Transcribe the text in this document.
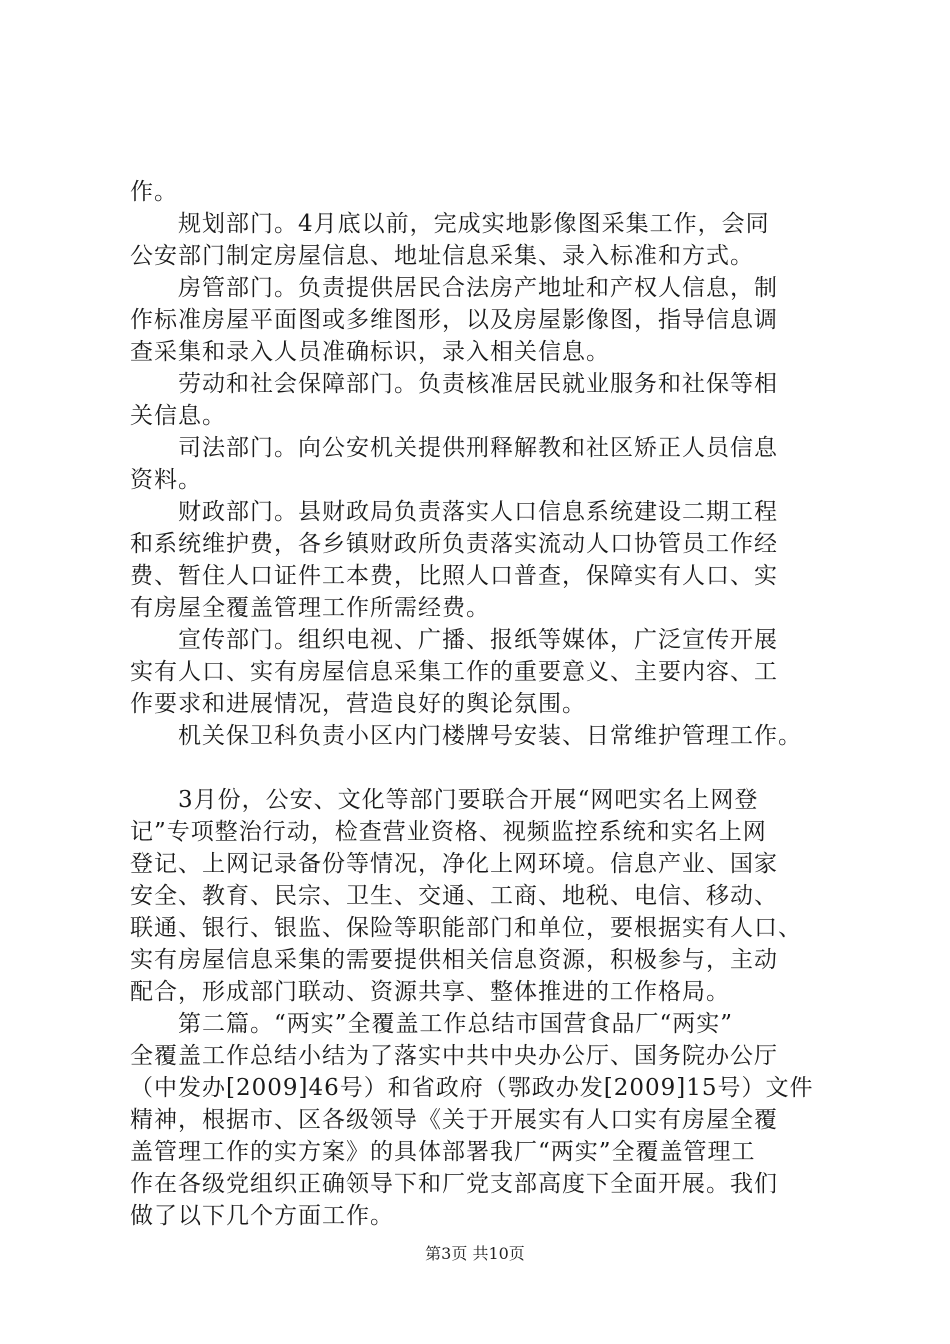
作。
规划部门。4月底以前，完成实地影像图采集工作，会同
公安部门制定房屋信息、地址信息采集、录入标准和方式。
房管部门。负责提供居民合法房产地址和产权人信息，制
作标准房屋平面图或多维图形，以及房屋影像图，指导信息调
查采集和录入人员准确标识，录入相关信息。
劳动和社会保障部门。负责核准居民就业服务和社保等相
关信息。
司法部门。向公安机关提供刑释解教和社区矫正人员信息
资料。
财政部门。县财政局负责落实人口信息系统建设二期工程
和系统维护费，各乡镇财政所负责落实流动人口协管员工作经
费、暂住人口证件工本费，比照人口普查，保障实有人口、实
有房屋全覆盖管理工作所需经费。
宣传部门。组织电视、广播、报纸等媒体，广泛宣传开展
实有人口、实有房屋信息采集工作的重要意义、主要内容、工
作要求和进展情况，营造良好的舆论氛围。
机关保卫科负责小区内门楼牌号安装、日常维护管理工作。
3月份，公安、文化等部门要联合开展“网吧实名上网登
记”专项整治行动，检查营业资格、视频监控系统和实名上网
登记、上网记录备份等情况，净化上网环境。信息产业、国家
安全、教育、民宗、卫生、交通、工商、地税、电信、移动、
联通、银行、银监、保险等职能部门和单位，要根据实有人口、
实有房屋信息采集的需要提供相关信息资源，积极参与，主动
配合，形成部门联动、资源共享、整体推进的工作格局。
第二篇。“两实”全覆盖工作总结市国营食品厂“两实”
全覆盖工作总结小结为了落实中共中央办公厅、国务院办公厅
（中发办[2009]46号）和省政府（鄂政办发[2009]15号）文件
精神，根据市、区各级领导《关于开展实有人口实有房屋全覆
盖管理工作的实方案》的具体部署我厂“两实”全覆盖管理工
作在各级党组织正确领导下和厂党支部高度下全面开展。我们
做了以下几个方面工作。
第3页 共10页
